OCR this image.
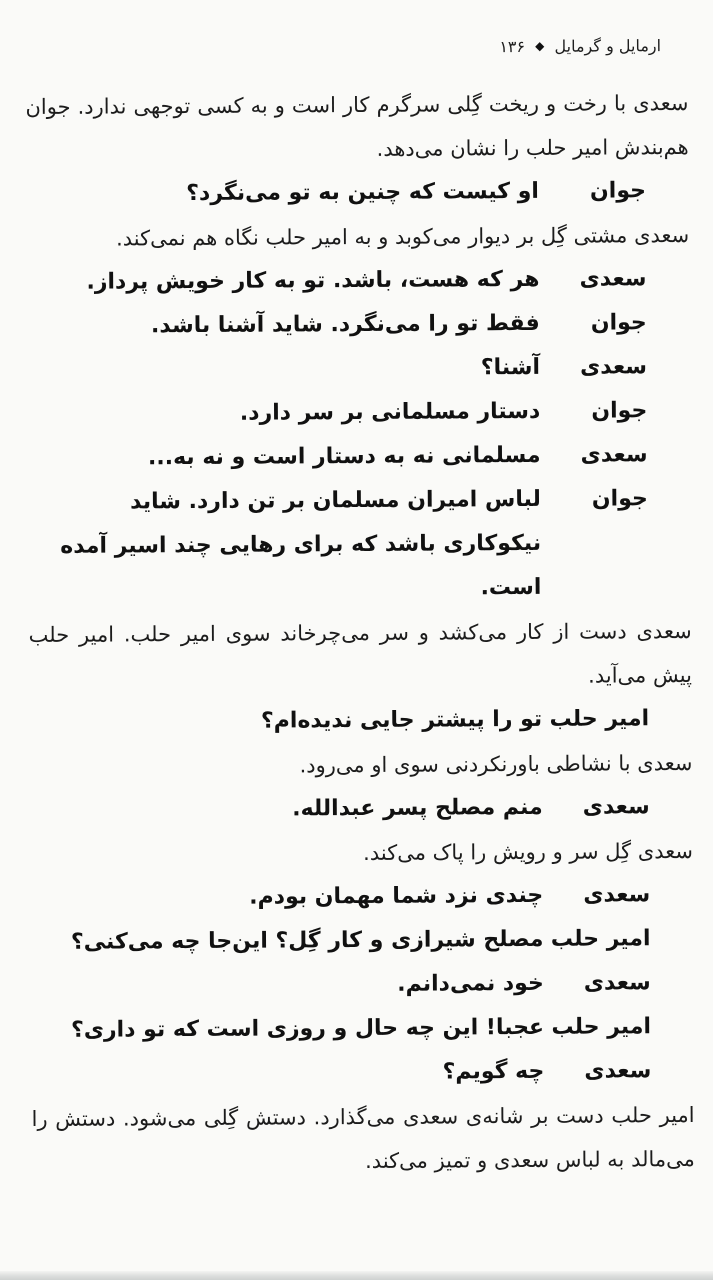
ارمایل و گرمایل◆۱۳۶

سعدی با رخت و ریخت گِلی سرگرم کار است و به کسی توجهی ندارد. جوان هم‌بندش امیر حلب را نشان می‌دهد.

جوان
او کیست که چنین به تو می‌نگرد؟

سعدی مشتی گِل بر دیوار می‌کوبد و به امیر حلب نگاه هم نمی‌کند.

سعدی
هر که هست، باشد. تو به کار خویش پرداز.
جوان
فقط تو را می‌نگرد. شاید آشنا باشد.
سعدی
آشنا؟
جوان
دستار مسلمانی بر سر دارد.
سعدی
مسلمانی نه به دستار است و نه به...
جوان
لباس امیران مسلمان بر تن دارد. شاید نیکوکاری باشد که برای رهایی چند اسیر آمده است.

سعدی دست از کار می‌کشد و سر می‌چرخاند سوی امیر حلب. امیر حلب پیش می‌آید.

امیر حلب
تو را پیشتر جایی ندیده‌ام؟

سعدی با نشاطی باورنکردنی سوی او می‌رود.

سعدی
منم مصلح پسر عبدالله.

سعدی گِل سر و رویش را پاک می‌کند.

سعدی
چندی نزد شما مهمان بودم.
امیر حلب
مصلح شیرازی و کار گِل؟ این‌جا چه می‌کنی؟
سعدی
خود نمی‌دانم.
امیر حلب
عجبا! این چه حال و روزی است که تو داری؟
سعدی
چه گویم؟

امیر حلب دست بر شانه‌ی سعدی می‌گذارد. دستش گِلی می‌شود. دستش را می‌مالد به لباس سعدی و تمیز می‌کند.
